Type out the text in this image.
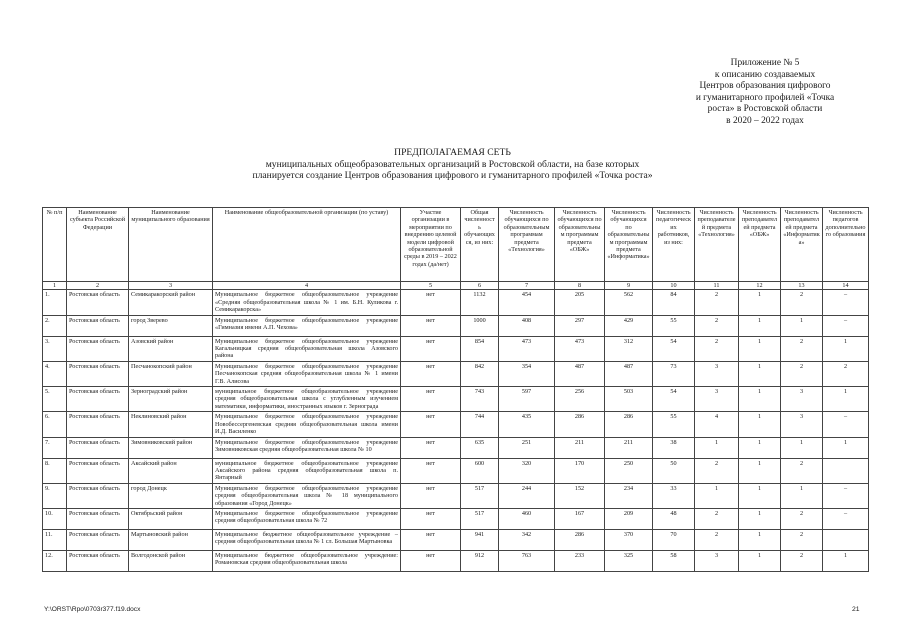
Приложение № 5
к описанию создаваемых
Центров образования цифрового
и гуманитарного профилей «Точка
роста» в Ростовской области
в 2020 – 2022 годах
ПРЕДПОЛАГАЕМАЯ СЕТЬ
муниципальных общеобразовательных организаций в Ростовской области, на базе которых
планируется создание Центров образования цифрового и гуманитарного профилей «Точка роста»
№ п/п	Наименование субъекта Российской Федерации	Наименование муниципального образования	Наименование общеобразовательной организации (по уставу)	Участие организации в мероприятии по внедрению целевой модели цифровой образовательной среды в 2019 – 2022 годах (да/нет)	Общая численность обучающихся, из них:	Численность обучающихся по образовательным программам предмета «Технология»	Численность обучающихся по образовательным программам предмета «ОБЖ»	Численность обучающихся по образовательным программам предмета «Информатика»	Численность педагогических работников, из них:	Численность преподавателей предмета «Технология»	Численность преподавателей предмета «ОБЖ»	Численность преподавателей предмета «Информатика»	Численность педагогов дополнительного образования
1	2	3	4	5	6	7	8	9	10	11	12	13	14
1.	Ростовская область	Семикаракорский район	Муниципальное бюджетное общеобразовательное учреждение «Средняя общеобразовательная школа № 1 им. Б.Н. Куликова г. Семикаракорска»	нет	1132	454	205	562	84	2	1	2	–
2.	Ростовская область	город Зверево	Муниципальное бюджетное общеобразовательное учреждение «Гимназия имени А.П. Чехова»	нет	1000	408	297	429	55	2	1	1	–
3.	Ростовская область	Азовский район	Муниципальное бюджетное общеобразовательное учреждение Кагальницкая средняя общеобразовательная школа Азовского района	нет	854	473	473	312	54	2	1	2	1
4.	Ростовская область	Песчанокопский район	Муниципальное бюджетное общеобразовательное учреждение Песчанокопская средняя общеобразовательная школа № 1 имени Г.В. Алисова	нет	842	354	487	487	73	3	1	2	2
5.	Ростовская область	Зерноградский район	муниципальное бюджетное общеобразовательное учреждение средняя общеобразовательная школа с углубленным изучением математики, информатики, иностранных языков г. Зернограда	нет	743	597	256	503	54	3	1	3	1
6.	Ростовская область	Неклиновский район	Муниципальное бюджетное общеобразовательное учреждение Новобессергеневская средняя общеобразовательная школа имени И.Д. Василенко	нет	744	435	286	286	55	4	1	3	–
7.	Ростовская область	Зимовниковский район	Муниципальное бюджетное общеобразовательное учреждение Зимовниковская средняя общеобразовательная школа № 10	нет	635	251	211	211	38	1	1	1	1
8.	Ростовская область	Аксайский район	муниципальное бюджетное общеобразовательное учреждение Аксайского района средняя общеобразовательная школа п. Янтарный	нет	600	320	170	250	50	2	1	2	
9.	Ростовская область	город Донецк	Муниципальное бюджетное общеобразовательное учреждение средняя общеобразовательная школа № 18 муниципального образования «Город Донецк»	нет	517	244	152	234	33	1	1	1	–
10.	Ростовская область	Октябрьский район	Муниципальное бюджетное общеобразовательное учреждение средняя общеобразовательная школа № 72	нет	517	460	167	209	48	2	1	2	–
11.	Ростовская область	Мартыновский район	Муниципальное бюджетное общеобразовательное учреждение – средняя общеобразовательная школа № 1 сл. Большая Мартыновка	нет	941	342	286	370	70	2	1	2	
12.	Ростовская область	Волгодонской район	Муниципальное бюджетное общеобразовательное учреждение: Романовская средняя общеобразовательная школа	нет	912	763	233	325	58	3	1	2	1
Y:\ORST\Rpo\0703r377.f19.docx	21
